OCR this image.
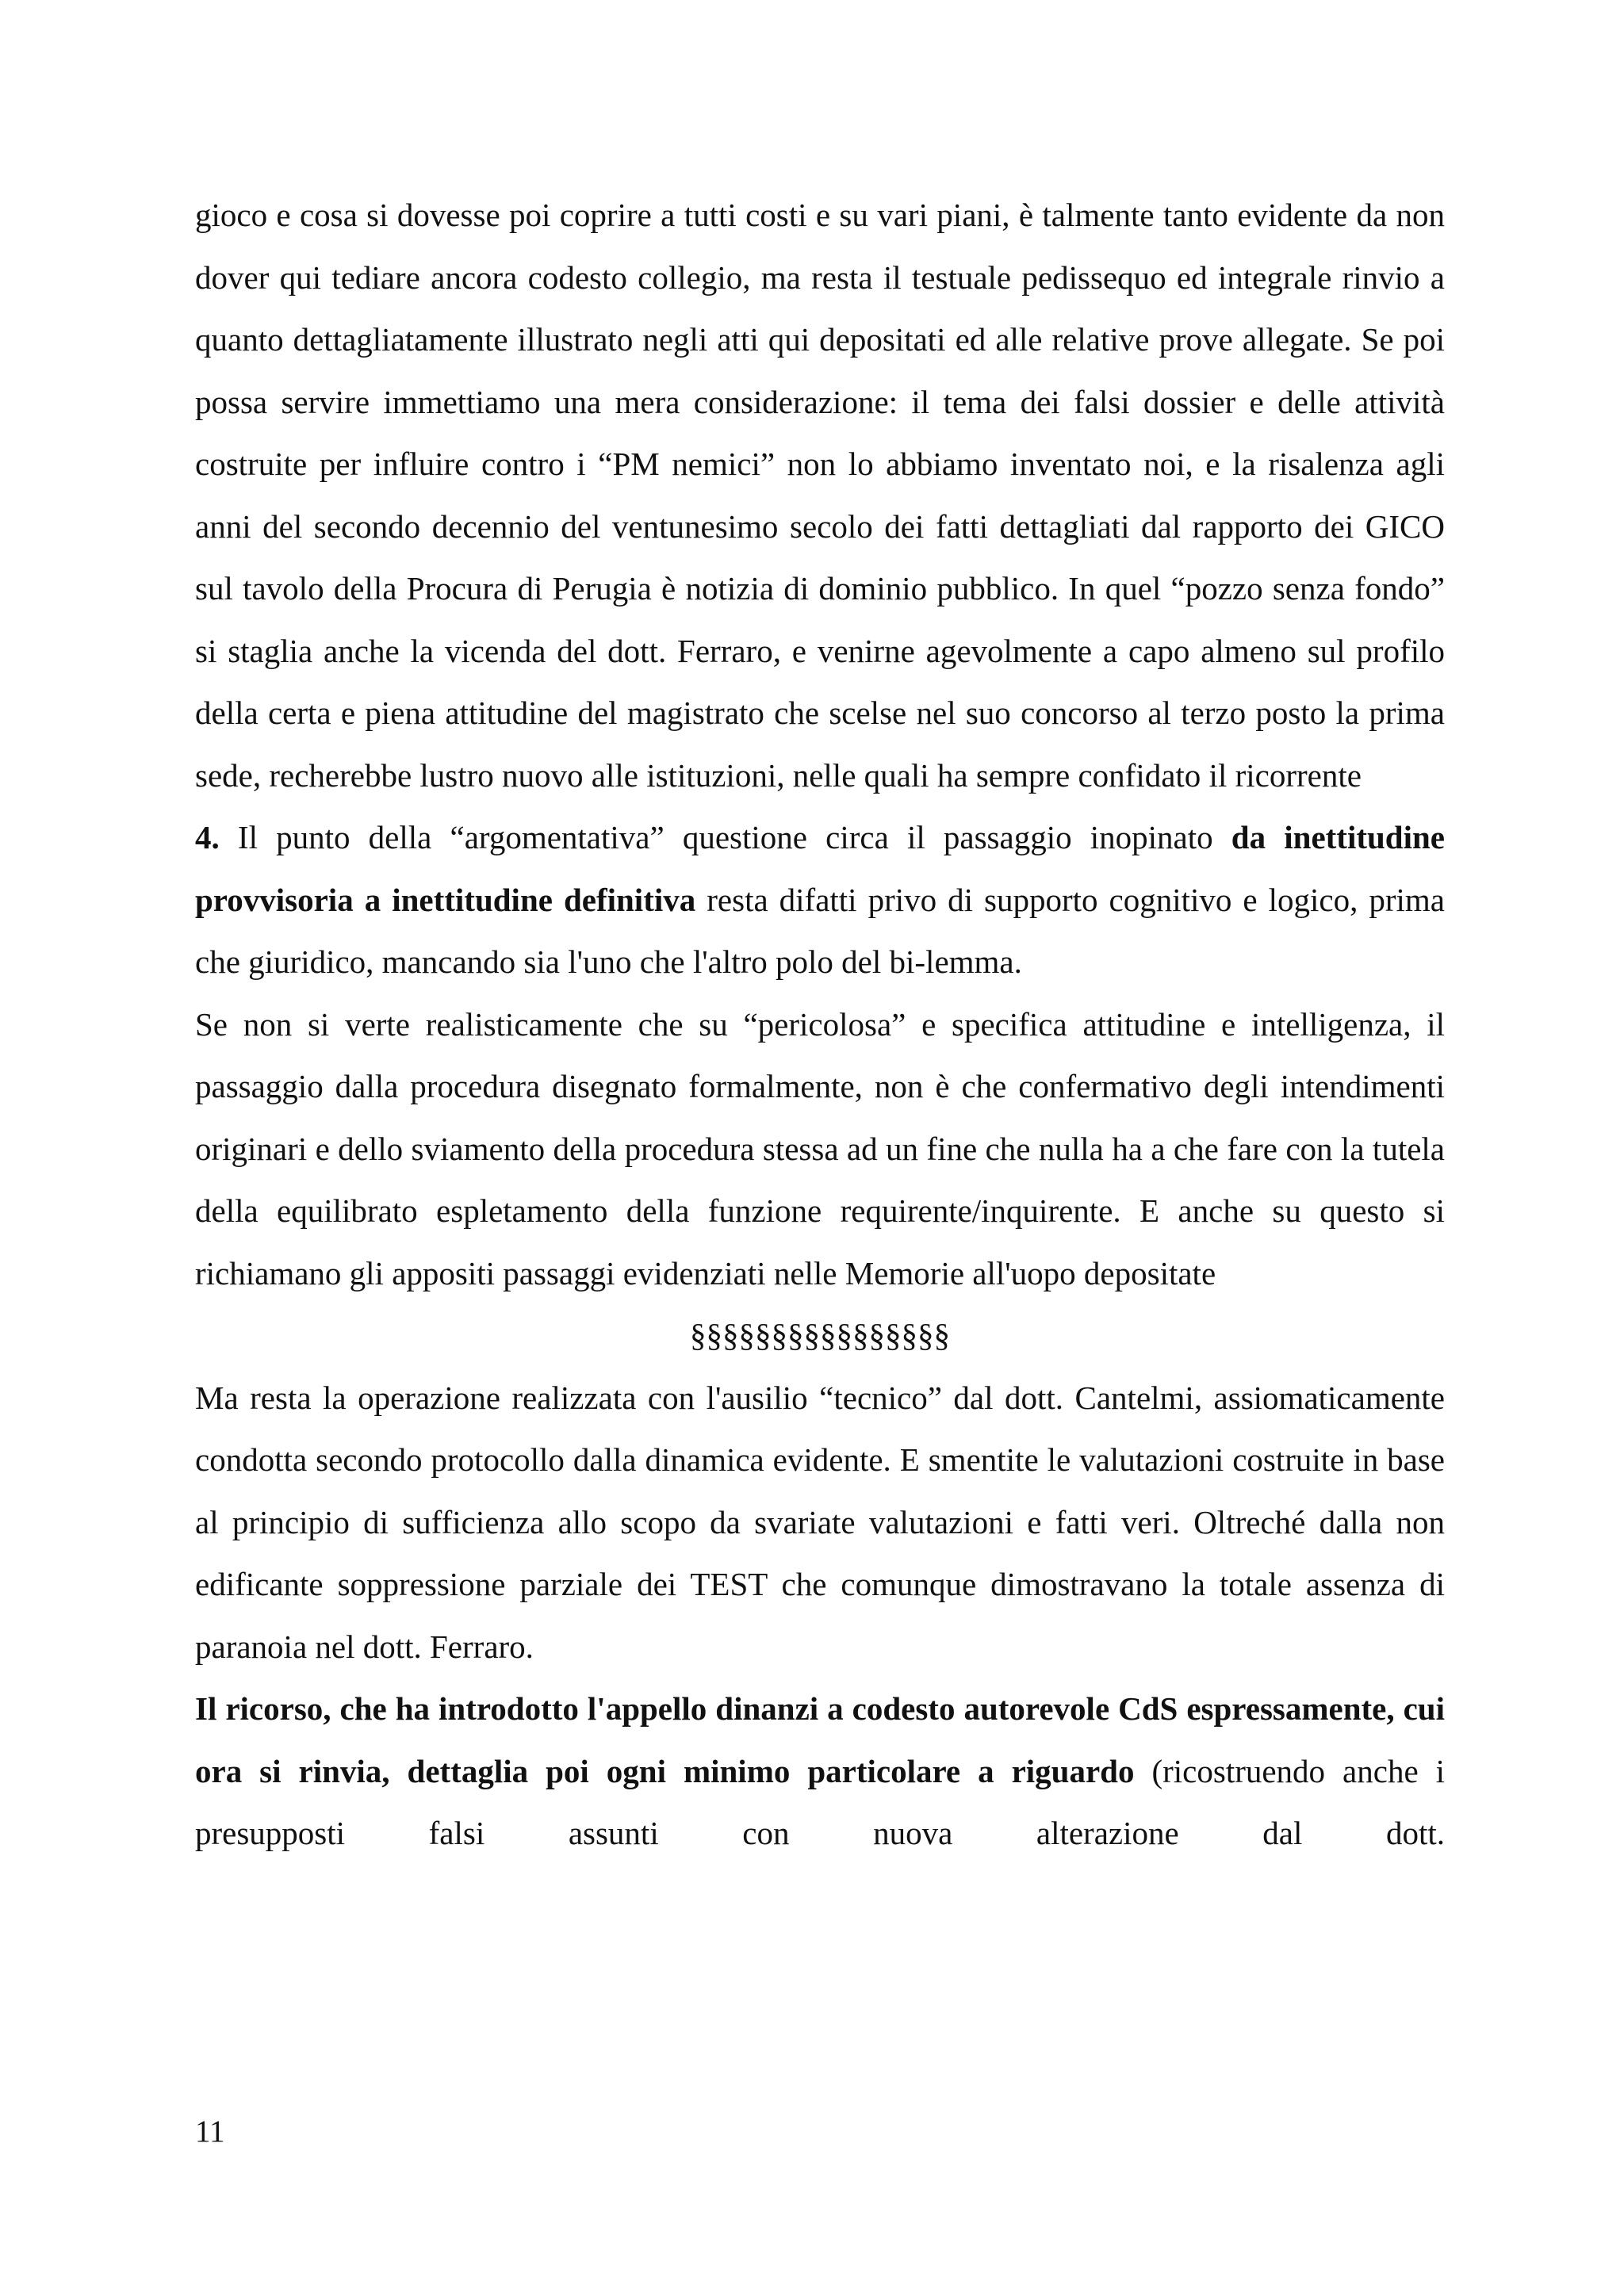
gioco e cosa si dovesse poi coprire a tutti costi e su vari piani, è talmente tanto evidente da non dover qui tediare ancora codesto collegio, ma resta il testuale pedissequo ed integrale rinvio a quanto dettagliatamente illustrato negli atti qui depositati ed alle relative prove allegate. Se poi possa servire immettiamo una mera considerazione: il tema dei falsi dossier e delle attività costruite per influire contro i “PM nemici” non lo abbiamo inventato noi, e la risalenza agli anni del secondo decennio del ventunesimo secolo dei fatti dettagliati dal rapporto dei GICO sul tavolo della Procura di Perugia è notizia di dominio pubblico. In quel “pozzo senza fondo” si staglia anche la vicenda del dott. Ferraro, e venirne agevolmente a capo almeno sul profilo della certa e piena attitudine del magistrato che scelse nel suo concorso al terzo posto la prima sede, recherebbe lustro nuovo alle istituzioni, nelle quali ha sempre confidato il ricorrente

4. Il punto della “argomentativa” questione circa il passaggio inopinato da inettitudine provvisoria a inettitudine definitiva resta difatti privo di supporto cognitivo e logico, prima che giuridico, mancando sia l'uno che l'altro polo del bi-lemma.

Se non si verte realisticamente che su “pericolosa” e specifica attitudine e intelligenza, il passaggio dalla procedura disegnato formalmente, non è che confermativo degli intendimenti originari e dello sviamento della procedura stessa ad un fine che nulla ha a che fare con la tutela della equilibrato espletamento della funzione requirente/inquirente. E anche su questo si richiamano gli appositi passaggi evidenziati nelle Memorie all'uopo depositate

§§§§§§§§§§§§§§§§

Ma resta la operazione realizzata con l'ausilio “tecnico” dal dott. Cantelmi, assiomaticamente condotta secondo protocollo dalla dinamica evidente. E smentite le valutazioni costruite in base al principio di sufficienza allo scopo da svariate valutazioni e fatti veri. Oltreché dalla non edificante soppressione parziale dei TEST che comunque dimostravano la totale assenza di paranoia nel dott. Ferraro.

Il ricorso, che ha introdotto l'appello dinanzi a codesto autorevole CdS espressamente, cui ora si rinvia, dettaglia poi ogni minimo particolare a riguardo (ricostruendo anche i presupposti falsi assunti con nuova alterazione dal dott.

11
